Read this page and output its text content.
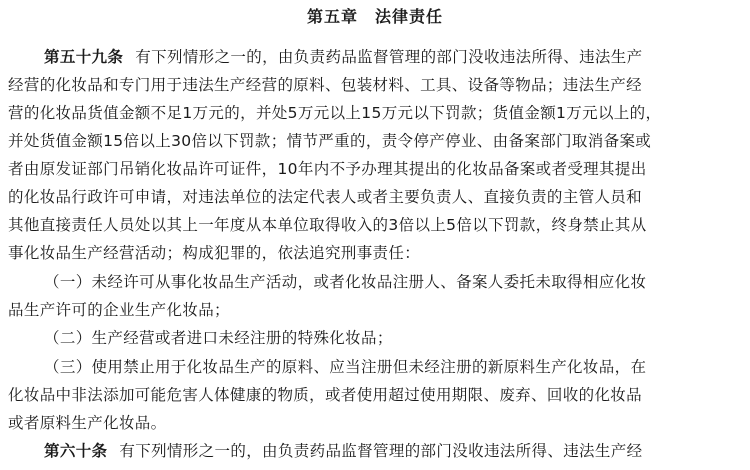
第五章　法律责任
第五十九条 有下列情形之一的，由负责药品监督管理的部门没收违法所得、违法生产
经营的化妆品和专门用于违法生产经营的原料、包装材料、工具、设备等物品；违法生产经
营的化妆品货值金额不足1万元的，并处5万元以上15万元以下罚款；货值金额1万元以上的，
并处货值金额15倍以上30倍以下罚款；情节严重的，责令停产停业、由备案部门取消备案或
者由原发证部门吊销化妆品许可证件，10年内不予办理其提出的化妆品备案或者受理其提出
的化妆品行政许可申请，对违法单位的法定代表人或者主要负责人、直接负责的主管人员和
其他直接责任人员处以其上一年度从本单位取得收入的3倍以上5倍以下罚款，终身禁止其从
事化妆品生产经营活动；构成犯罪的，依法追究刑事责任：
（一）未经许可从事化妆品生产活动，或者化妆品注册人、备案人委托未取得相应化妆
品生产许可的企业生产化妆品；
（二）生产经营或者进口未经注册的特殊化妆品；
（三）使用禁止用于化妆品生产的原料、应当注册但未经注册的新原料生产化妆品，在
化妆品中非法添加可能危害人体健康的物质，或者使用超过使用期限、废弃、回收的化妆品
或者原料生产化妆品。
第六十条 有下列情形之一的，由负责药品监督管理的部门没收违法所得、违法生产经
